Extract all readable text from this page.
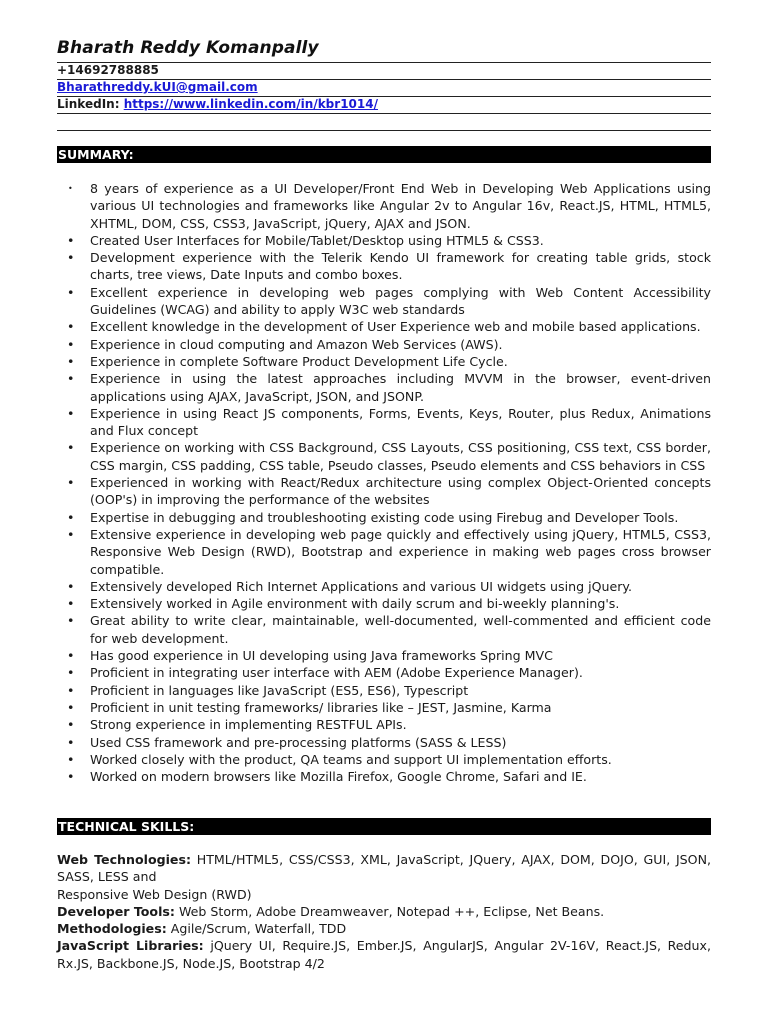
Bharath Reddy Komanpally
+14692788885
Bharathreddy.kUI@gmail.com
LinkedIn: https://www.linkedin.com/in/kbr1014/
SUMMARY:
• 8 years of experience as a UI Developer/Front End Web in Developing Web Applications using various UI technologies and frameworks like Angular 2v to Angular 16v, React.JS, HTML, HTML5, XHTML, DOM, CSS, CSS3, JavaScript, jQuery, AJAX and JSON.
• Created User Interfaces for Mobile/Tablet/Desktop using HTML5 & CSS3.
• Development experience with the Telerik Kendo UI framework for creating table grids, stock charts, tree views, Date Inputs and combo boxes.
• Excellent experience in developing web pages complying with Web Content Accessibility Guidelines (WCAG) and ability to apply W3C web standards
• Excellent knowledge in the development of User Experience web and mobile based applications.
• Experience in cloud computing and Amazon Web Services (AWS).
• Experience in complete Software Product Development Life Cycle.
• Experience in using the latest approaches including MVVM in the browser, event-driven applications using AJAX, JavaScript, JSON, and JSONP.
• Experience in using React JS components, Forms, Events, Keys, Router, plus Redux, Animations and Flux concept
• Experience on working with CSS Background, CSS Layouts, CSS positioning, CSS text, CSS border, CSS margin, CSS padding, CSS table, Pseudo classes, Pseudo elements and CSS behaviors in CSS
• Experienced in working with React/Redux architecture using complex Object-Oriented concepts (OOP's) in improving the performance of the websites
• Expertise in debugging and troubleshooting existing code using Firebug and Developer Tools.
• Extensive experience in developing web page quickly and effectively using jQuery, HTML5, CSS3, Responsive Web Design (RWD), Bootstrap and experience in making web pages cross browser compatible.
• Extensively developed Rich Internet Applications and various UI widgets using jQuery.
• Extensively worked in Agile environment with daily scrum and bi-weekly planning's.
• Great ability to write clear, maintainable, well-documented, well-commented and efficient code for web development.
• Has good experience in UI developing using Java frameworks Spring MVC
• Proficient in integrating user interface with AEM (Adobe Experience Manager).
• Proficient in languages like JavaScript (ES5, ES6), Typescript
• Proficient in unit testing frameworks/ libraries like – JEST, Jasmine, Karma
• Strong experience in implementing RESTFUL APIs.
• Used CSS framework and pre-processing platforms (SASS & LESS)
• Worked closely with the product, QA teams and support UI implementation efforts.
• Worked on modern browsers like Mozilla Firefox, Google Chrome, Safari and IE.
TECHNICAL SKILLS:

Web Technologies: HTML/HTML5, CSS/CSS3, XML, JavaScript, JQuery, AJAX, DOM, DOJO, GUI, JSON, SASS, LESS and

Responsive Web Design (RWD)

Developer Tools: Web Storm, Adobe Dreamweaver, Notepad ++, Eclipse, Net Beans.

Methodologies: Agile/Scrum, Waterfall, TDD

JavaScript Libraries: jQuery UI, Require.JS, Ember.JS, AngularJS, Angular 2V-16V, React.JS, Redux, Rx.JS, Backbone.JS, Node.JS, Bootstrap 4/2
